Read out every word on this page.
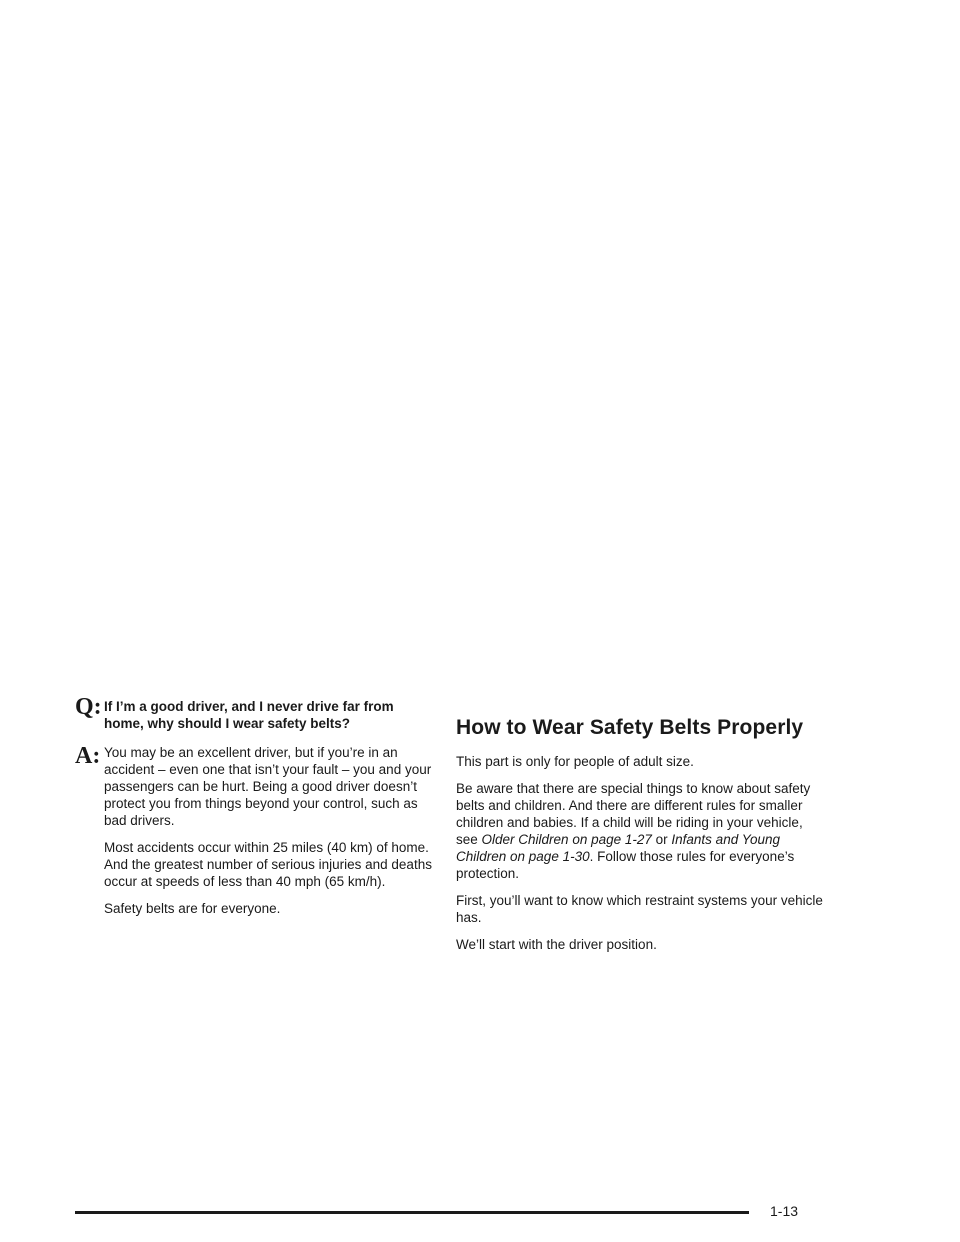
Q: If I’m a good driver, and I never drive far from home, why should I wear safety belts?
A: You may be an excellent driver, but if you’re in an accident – even one that isn’t your fault – you and your passengers can be hurt. Being a good driver doesn’t protect you from things beyond your control, such as bad drivers.

Most accidents occur within 25 miles (40 km) of home. And the greatest number of serious injuries and deaths occur at speeds of less than 40 mph (65 km/h).

Safety belts are for everyone.

How to Wear Safety Belts Properly

This part is only for people of adult size.

Be aware that there are special things to know about safety belts and children. And there are different rules for smaller children and babies. If a child will be riding in your vehicle, see Older Children on page 1-27 or Infants and Young Children on page 1-30. Follow those rules for everyone’s protection.

First, you’ll want to know which restraint systems your vehicle has.

We’ll start with the driver position.

1-13
